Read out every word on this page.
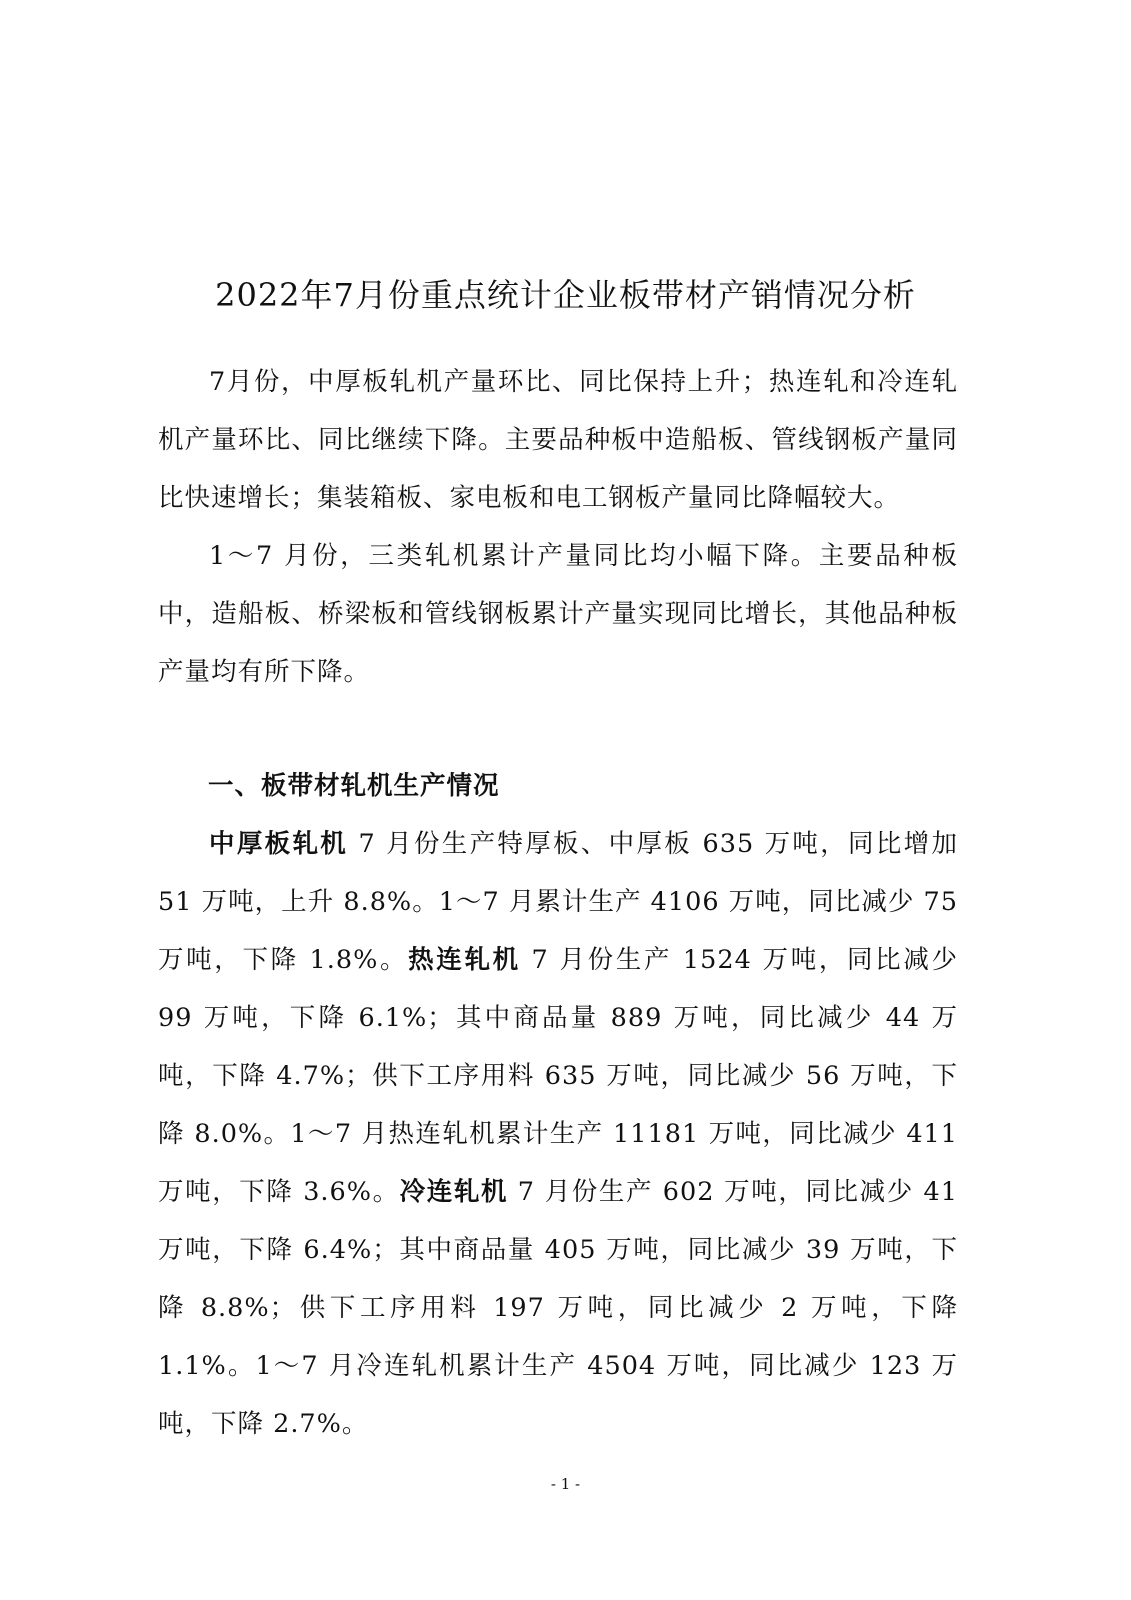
2022年7月份重点统计企业板带材产销情况分析

7月份，中厚板轧机产量环比、同比保持上升；热连轧和冷连轧机产量环比、同比继续下降。主要品种板中造船板、管线钢板产量同比快速增长；集装箱板、家电板和电工钢板产量同比降幅较大。

1～7 月份，三类轧机累计产量同比均小幅下降。主要品种板中，造船板、桥梁板和管线钢板累计产量实现同比增长，其他品种板产量均有所下降。

一、板带材轧机生产情况

中厚板轧机 7 月份生产特厚板、中厚板 635 万吨，同比增加 51 万吨，上升 8.8%。1～7 月累计生产 4106 万吨，同比减少 75 万吨，下降 1.8%。热连轧机 7 月份生产 1524 万吨，同比减少 99 万吨，下降 6.1%；其中商品量 889 万吨，同比减少 44 万吨，下降 4.7%；供下工序用料 635 万吨，同比减少 56 万吨，下降 8.0%。1～7 月热连轧机累计生产 11181 万吨，同比减少 411 万吨，下降 3.6%。冷连轧机 7 月份生产 602 万吨，同比减少 41 万吨，下降 6.4%；其中商品量 405 万吨，同比减少 39 万吨，下降 8.8%；供下工序用料 197 万吨，同比减少 2 万吨，下降 1.1%。1～7 月冷连轧机累计生产 4504 万吨，同比减少 123 万吨，下降 2.7%。

- 1 -
